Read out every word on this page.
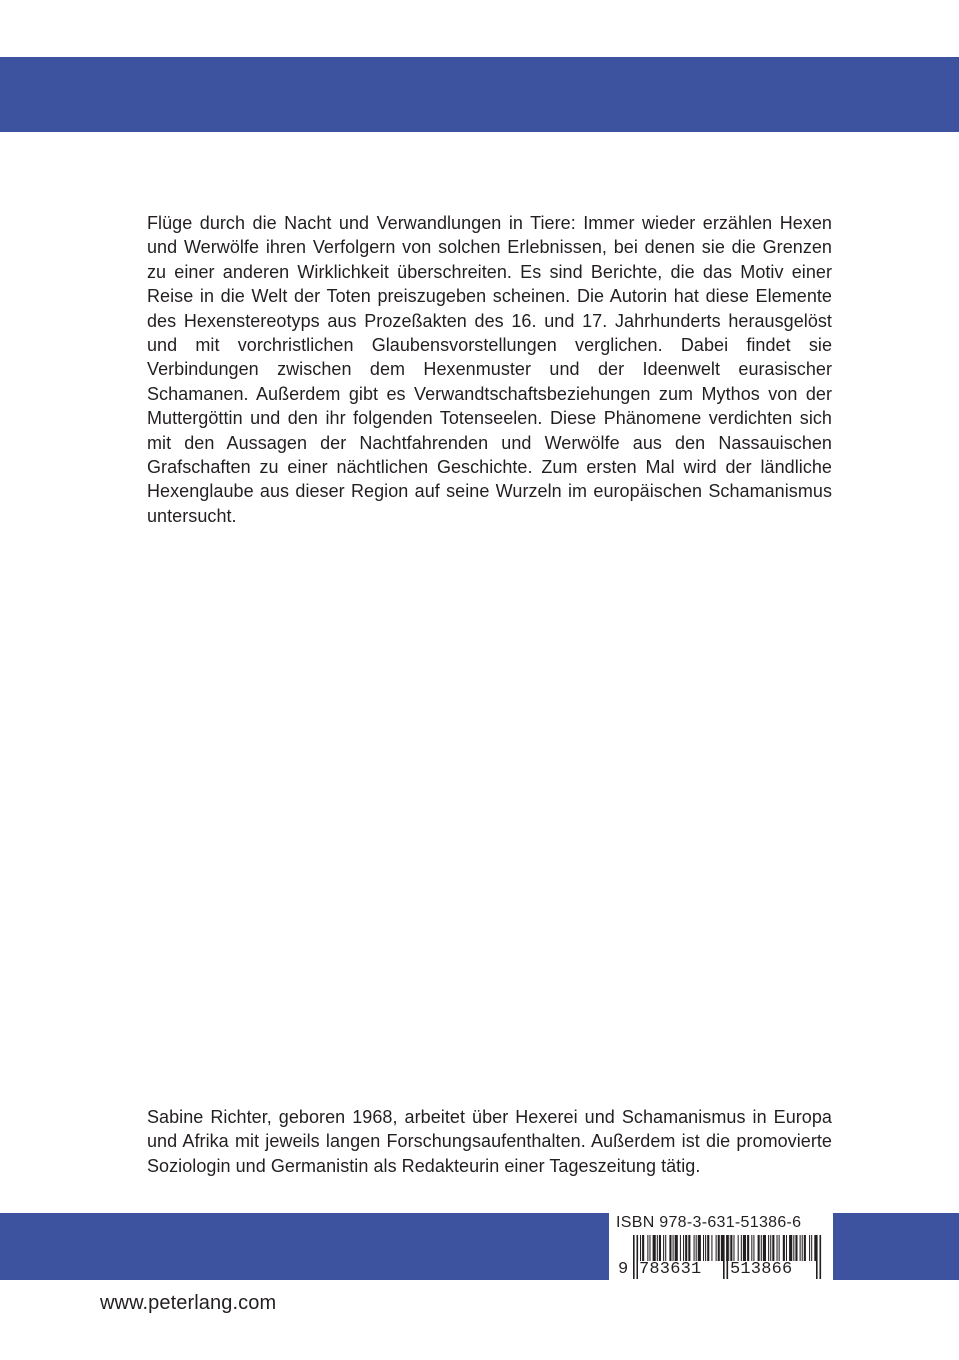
Flüge durch die Nacht und Verwandlungen in Tiere: Immer wieder erzählen Hexen und Werwölfe ihren Verfolgern von solchen Erlebnissen, bei denen sie die Grenzen zu einer anderen Wirklichkeit überschreiten. Es sind Berichte, die das Motiv einer Reise in die Welt der Toten preiszugeben scheinen. Die Autorin hat diese Elemente des Hexenstereotyps aus Prozeßakten des 16. und 17. Jahrhunderts herausgelöst und mit vorchristlichen Glaubensvorstellungen verglichen. Dabei findet sie Verbindungen zwischen dem Hexenmuster und der Ideenwelt eurasischer Schamanen. Außerdem gibt es Verwandtschaftsbeziehungen zum Mythos von der Muttergöttin und den ihr folgenden Totenseelen. Diese Phänomene verdichten sich mit den Aussagen der Nachtfahrenden und Werwölfe aus den Nassauischen Grafschaften zu einer nächtlichen Geschichte. Zum ersten Mal wird der ländliche Hexenglaube aus dieser Region auf seine Wurzeln im europäischen Schamanismus untersucht.

Sabine Richter, geboren 1968, arbeitet über Hexerei und Schamanismus in Europa und Afrika mit jeweils langen Forschungsaufenthalten. Außerdem ist die promovierte Soziologin und Germanistin als Redakteurin einer Tageszeitung tätig.

ISBN 978-3-631-51386-6
9 783631 513866
www.peterlang.com
